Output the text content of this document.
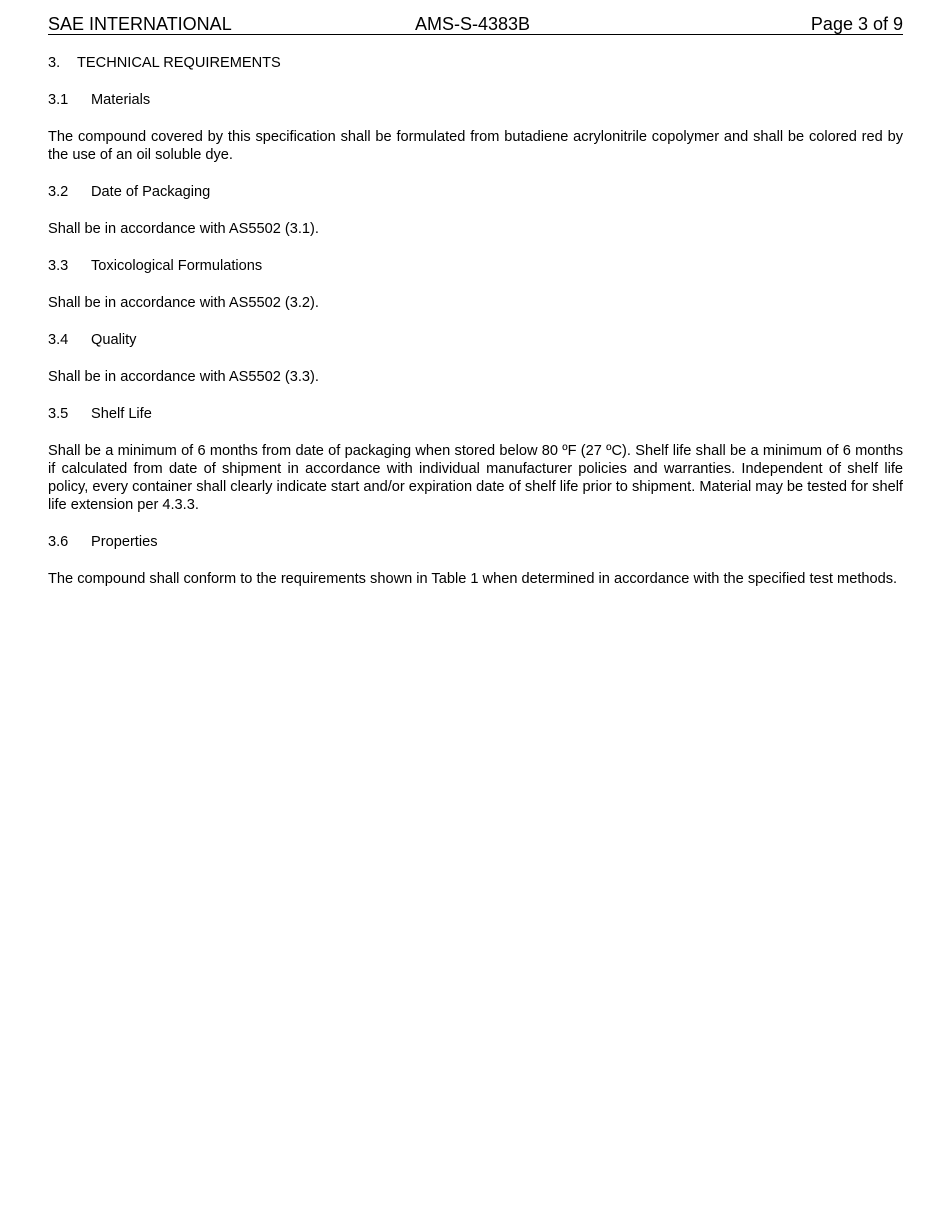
SAE INTERNATIONAL	AMS-S-4383B	Page 3 of 9
3. TECHNICAL REQUIREMENTS
3.1 Materials

The compound covered by this specification shall be formulated from butadiene acrylonitrile copolymer and shall be colored red by the use of an oil soluble dye.

3.2 Date of Packaging

Shall be in accordance with AS5502 (3.1).

3.3 Toxicological Formulations

Shall be in accordance with AS5502 (3.2).

3.4 Quality

Shall be in accordance with AS5502 (3.3).

3.5 Shelf Life

Shall be a minimum of 6 months from date of packaging when stored below 80 ºF (27 ºC). Shelf life shall be a minimum of 6 months if calculated from date of shipment in accordance with individual manufacturer policies and warranties. Independent of shelf life policy, every container shall clearly indicate start and/or expiration date of shelf life prior to shipment. Material may be tested for shelf life extension per 4.3.3.

3.6 Properties

The compound shall conform to the requirements shown in Table 1 when determined in accordance with the specified test methods.
